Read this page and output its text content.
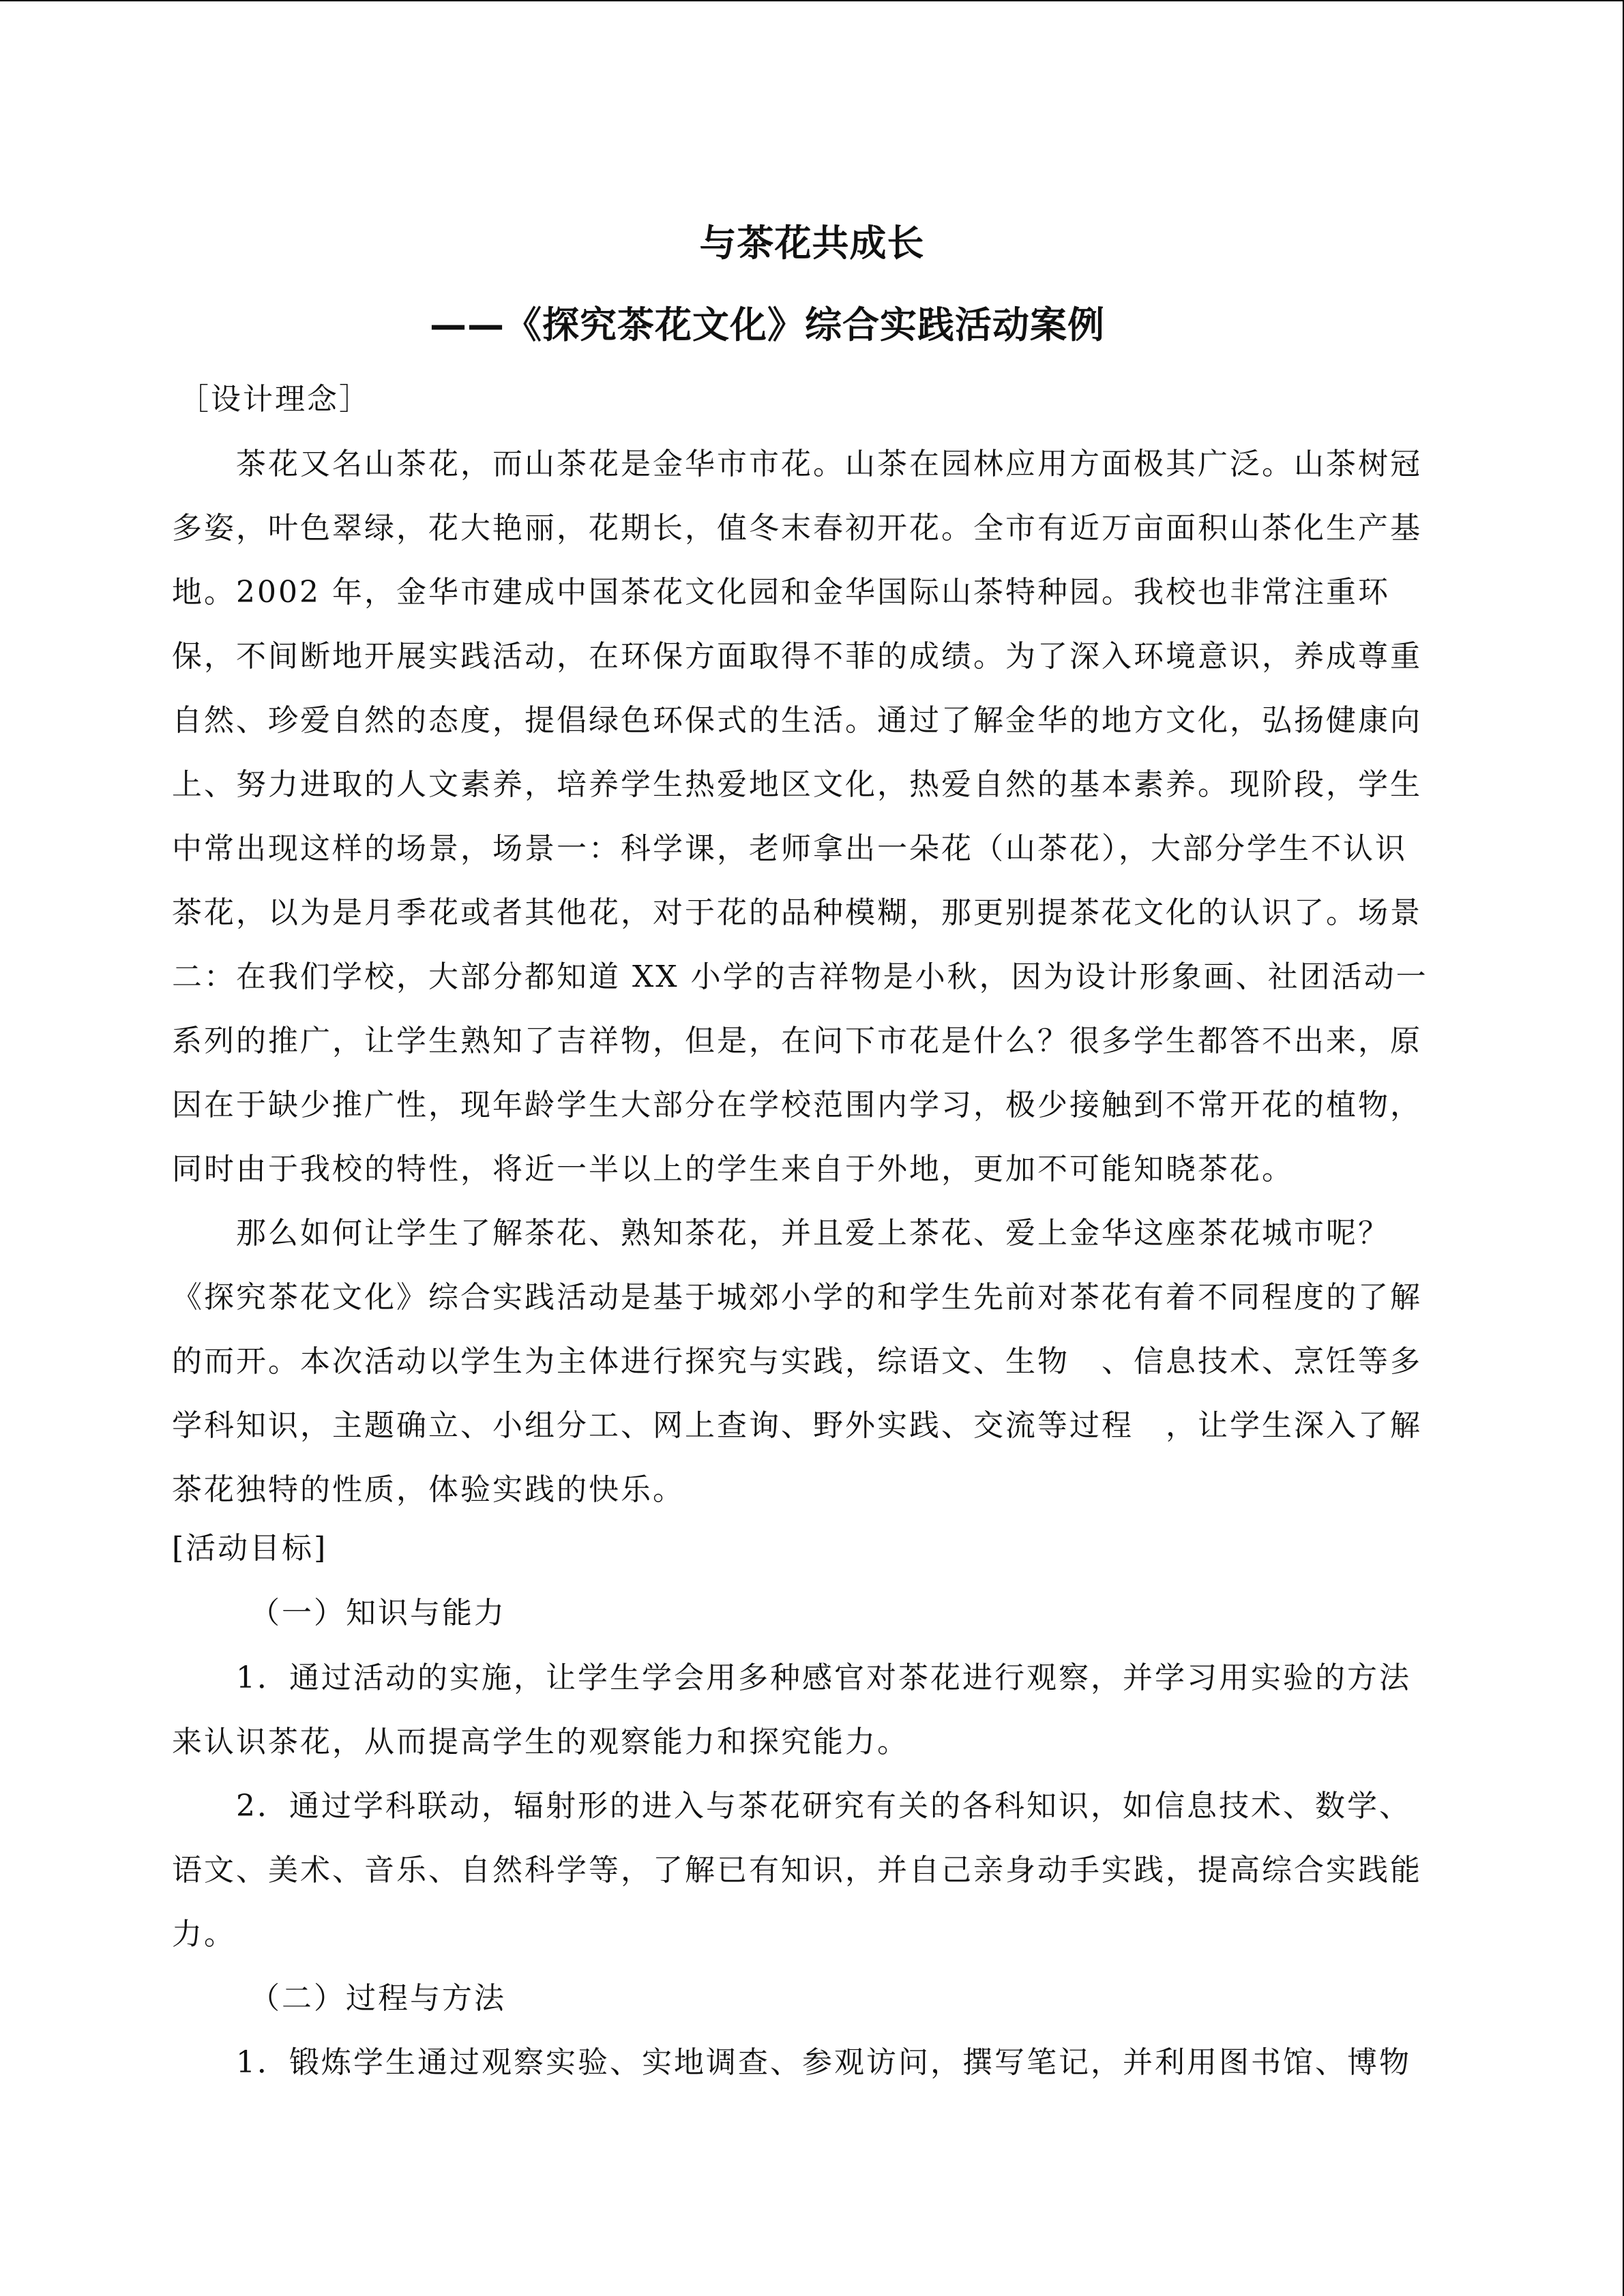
与茶花共成长
——《探究茶花文化》综合实践活动案例

［设计理念］

茶花又名山茶花，而山茶花是金华市市花。山茶在园林应用方面极其广泛。山茶树冠

多姿，叶色翠绿，花大艳丽，花期长，值冬末春初开花。全市有近万亩面积山茶化生产基

地。2002 年，金华市建成中国茶花文化园和金华国际山茶特种园。我校也非常注重环

保，不间断地开展实践活动，在环保方面取得不菲的成绩。为了深入环境意识，养成尊重

自然、珍爱自然的态度，提倡绿色环保式的生活。通过了解金华的地方文化，弘扬健康向

上、努力进取的人文素养，培养学生热爱地区文化，热爱自然的基本素养。现阶段，学生

中常出现这样的场景，场景一：科学课，老师拿出一朵花（山茶花），大部分学生不认识

茶花，以为是月季花或者其他花，对于花的品种模糊，那更别提茶花文化的认识了。场景

二：在我们学校，大部分都知道 XX 小学的吉祥物是小秋，因为设计形象画、社团活动一

系列的推广，让学生熟知了吉祥物，但是，在问下市花是什么？很多学生都答不出来，原

因在于缺少推广性，现年龄学生大部分在学校范围内学习，极少接触到不常开花的植物，

同时由于我校的特性，将近一半以上的学生来自于外地，更加不可能知晓茶花。

那么如何让学生了解茶花、熟知茶花，并且爱上茶花、爱上金华这座茶花城市呢？

《探究茶花文化》综合实践活动是基于城郊小学的和学生先前对茶花有着不同程度的了解

的而开。本次活动以学生为主体进行探究与实践，综语文、生物　、信息技术、烹饪等多

学科知识，主题确立、小组分工、网上查询、野外实践、交流等过程　，让学生深入了解

茶花独特的性质，体验实践的快乐。

[活动目标]

（一）知识与能力

1．通过活动的实施，让学生学会用多种感官对茶花进行观察，并学习用实验的方法

来认识茶花，从而提高学生的观察能力和探究能力。

2．通过学科联动，辐射形的进入与茶花研究有关的各科知识，如信息技术、数学、

语文、美术、音乐、自然科学等，了解已有知识，并自己亲身动手实践，提高综合实践能

力。

（二）过程与方法

1．锻炼学生通过观察实验、实地调查、参观访问，撰写笔记，并利用图书馆、博物
